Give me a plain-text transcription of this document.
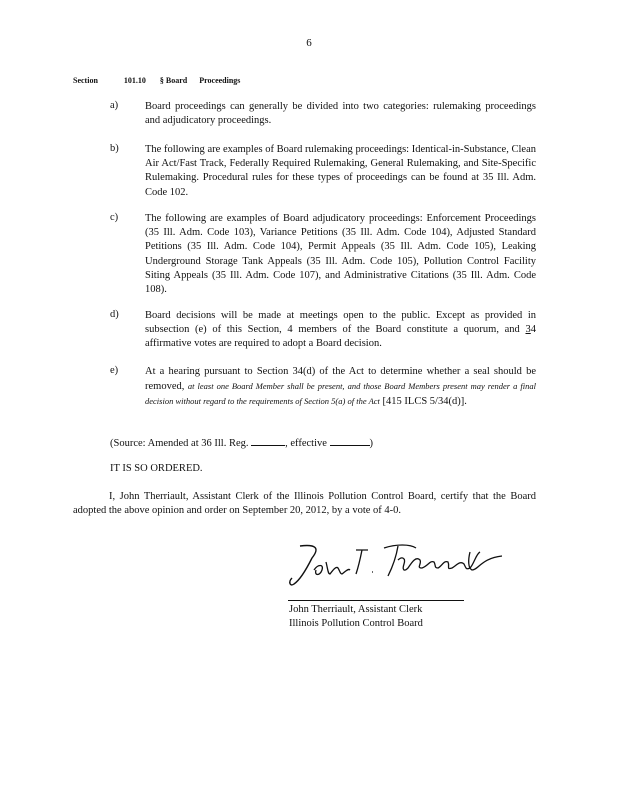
6
Section	101.10 § Board Proceedings
a)	Board proceedings can generally be divided into two categories: rulemaking proceedings and adjudicatory proceedings.
b)	The following are examples of Board rulemaking proceedings: Identical-in-Substance, Clean Air Act/Fast Track, Federally Required Rulemaking, General Rulemaking, and Site-Specific Rulemaking. Procedural rules for these types of proceedings can be found at 35 Ill. Adm. Code 102.
c)	The following are examples of Board adjudicatory proceedings: Enforcement Proceedings (35 Ill. Adm. Code 103), Variance Petitions (35 Ill. Adm. Code 104), Adjusted Standard Petitions (35 Ill. Adm. Code 104), Permit Appeals (35 Ill. Adm. Code 105), Leaking Underground Storage Tank Appeals (35 Ill. Adm. Code 105), Pollution Control Facility Siting Appeals (35 Ill. Adm. Code 107), and Administrative Citations (35 Ill. Adm. Code 108).
d)	Board decisions will be made at meetings open to the public. Except as provided in subsection (e) of this Section, 4 members of the Board constitute a quorum, and 34 affirmative votes are required to adopt a Board decision.
e)	At a hearing pursuant to Section 34(d) of the Act to determine whether a seal should be removed, at least one Board Member shall be present, and those Board Members present may render a final decision without regard to the requirements of Section 5(a) of the Act [415 ILCS 5/34(d)].
(Source: Amended at 36 Ill. Reg.	, effective	)
IT IS SO ORDERED.
I, John Therriault, Assistant Clerk of the Illinois Pollution Control Board, certify that the Board adopted the above opinion and order on September 20, 2012, by a vote of 4-0.
John T. Therriault
John Therriault, Assistant Clerk
Illinois Pollution Control Board
